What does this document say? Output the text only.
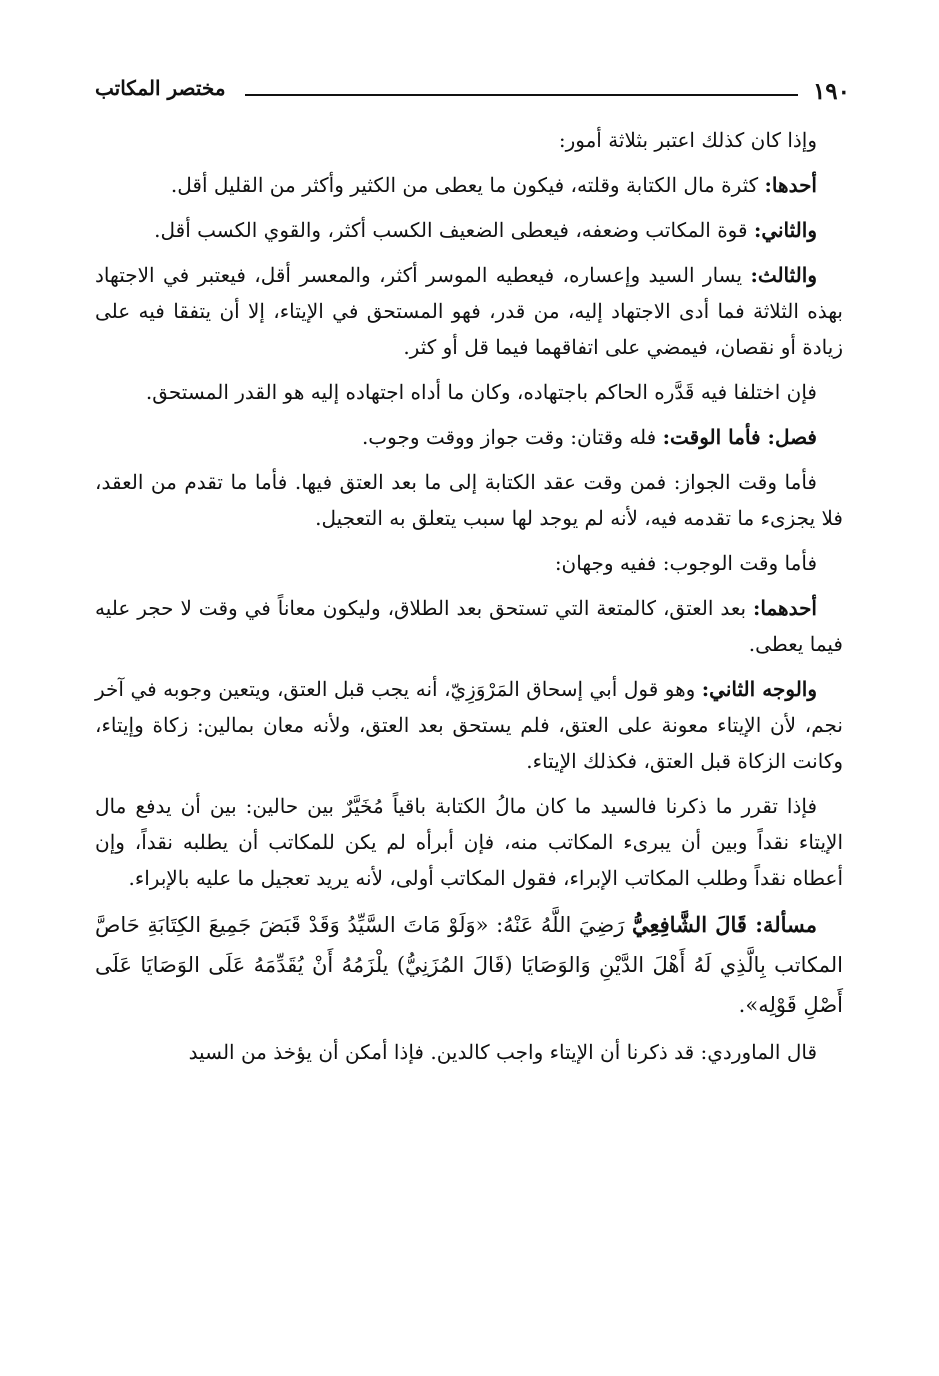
١٩٠
مختصر المكاتب

وإذا كان كذلك اعتبر بثلاثة أمور:

أحدها: كثرة مال الكتابة وقلته، فيكون ما يعطى من الكثير وأكثر من القليل أقل.

والثاني: قوة المكاتب وضعفه، فيعطى الضعيف الكسب أكثر، والقوي الكسب أقل.

والثالث: يسار السيد وإعساره، فيعطيه الموسر أكثر، والمعسر أقل، فيعتبر في الاجتهاد بهذه الثلاثة فما أدى الاجتهاد إليه، من قدر، فهو المستحق في الإيتاء، إلا أن يتفقا فيه على زيادة أو نقصان، فيمضي على اتفاقهما فيما قل أو كثر.

فإن اختلفا فيه قَدَّره الحاكم باجتهاده، وكان ما أداه اجتهاده إليه هو القدر المستحق.

فصل: فأما الوقت: فله وقتان: وقت جواز ووقت وجوب.

فأما وقت الجواز: فمن وقت عقد الكتابة إلى ما بعد العتق فيها. فأما ما تقدم من العقد، فلا يجزىء ما تقدمه فيه، لأنه لم يوجد لها سبب يتعلق به التعجيل.

فأما وقت الوجوب: ففيه وجهان:

أحدهما: بعد العتق، كالمتعة التي تستحق بعد الطلاق، وليكون معاناً في وقت لا حجر عليه فيما يعطى.

والوجه الثاني: وهو قول أبي إسحاق المَرْوَزِيّ، أنه يجب قبل العتق، ويتعين وجوبه في آخر نجم، لأن الإيتاء معونة على العتق، فلم يستحق بعد العتق، ولأنه معان بمالين: زكاة وإيتاء، وكانت الزكاة قبل العتق، فكذلك الإيتاء.

فإذا تقرر ما ذكرنا فالسيد ما كان مالُ الكتابة باقياً مُخَيَّرٌ بين حالين: بين أن يدفع مال الإيتاء نقداً وبين أن يبرىء المكاتب منه، فإن أبرأه لم يكن للمكاتب أن يطلبه نقداً، وإن أعطاه نقداً وطلب المكاتب الإبراء، فقول المكاتب أولى، لأنه يريد تعجيل ما عليه بالإبراء.

مسألة: قَالَ الشَّافِعِيُّ رَضِيَ اللَّهُ عَنْهُ: «وَلَوْ مَاتَ السَّيِّدُ وَقَدْ قَبَضَ جَمِيعَ الكِتَابَةِ حَاصَّ المكاتب بِالَّذِي لَهُ أَهْلَ الدَّيْنِ وَالوَصَايَا (قَالَ المُزَنِيُّ) يلْزَمُهُ أَنْ يُقَدِّمَهُ عَلَى الوَصَايَا عَلَى أَصْلِ قَوْلِه».

قال الماوردي: قد ذكرنا أن الإيتاء واجب كالدين. فإذا أمكن أن يؤخذ من السيد
